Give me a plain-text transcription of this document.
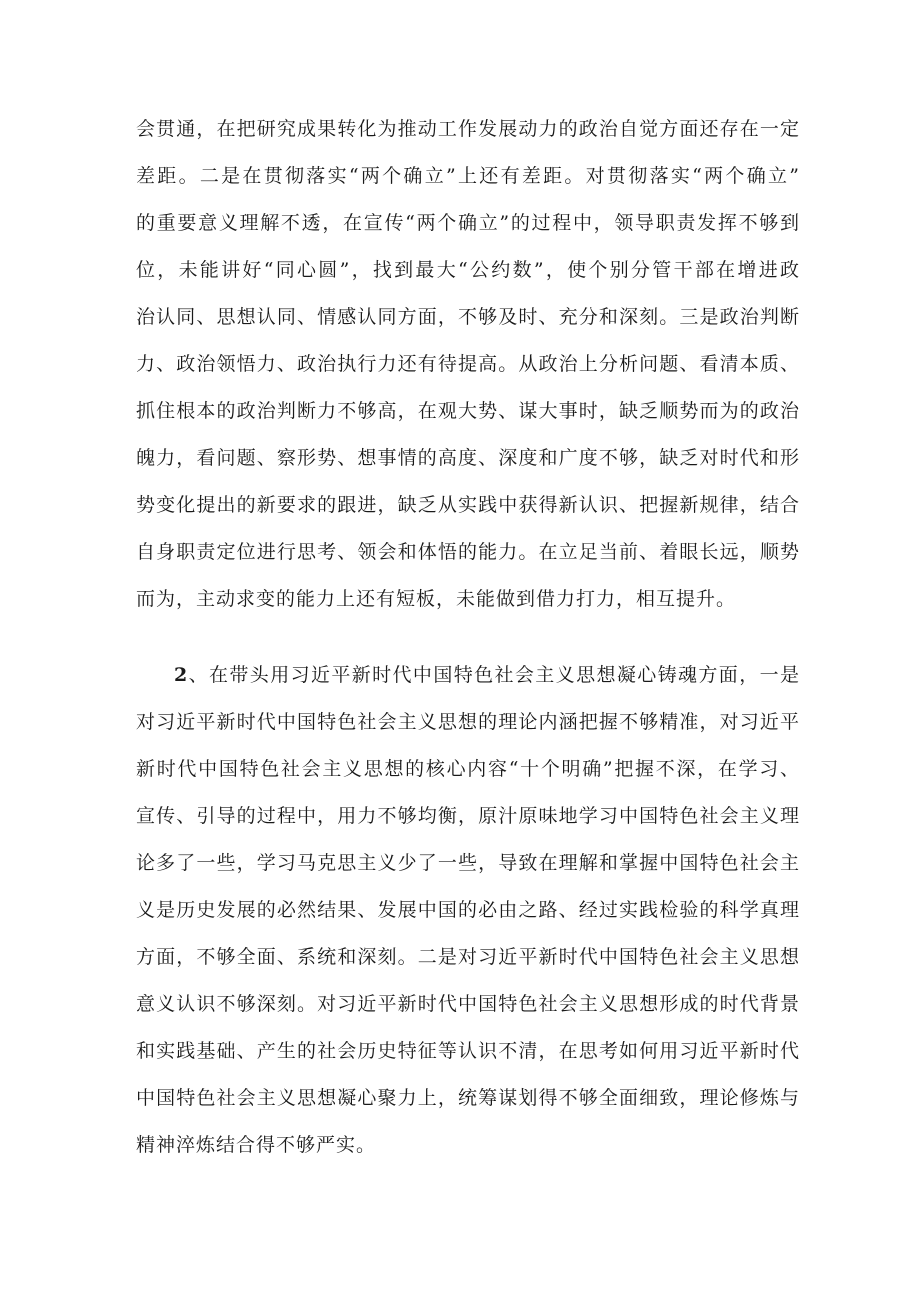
会贯通，在把研究成果转化为推动工作发展动力的政治自觉方面还存在一定
差距。二是在贯彻落实“两个确立”上还有差距。对贯彻落实“两个确立”
的重要意义理解不透，在宣传“两个确立”的过程中，领导职责发挥不够到
位，未能讲好“同心圆”，找到最大“公约数”，使个别分管干部在增进政
治认同、思想认同、情感认同方面，不够及时、充分和深刻。三是政治判断
力、政治领悟力、政治执行力还有待提高。从政治上分析问题、看清本质、
抓住根本的政治判断力不够高，在观大势、谋大事时，缺乏顺势而为的政治
魄力，看问题、察形势、想事情的高度、深度和广度不够，缺乏对时代和形
势变化提出的新要求的跟进，缺乏从实践中获得新认识、把握新规律，结合
自身职责定位进行思考、领会和体悟的能力。在立足当前、着眼长远，顺势
而为，主动求变的能力上还有短板，未能做到借力打力，相互提升。
2、在带头用习近平新时代中国特色社会主义思想凝心铸魂方面，一是
对习近平新时代中国特色社会主义思想的理论内涵把握不够精准，对习近平
新时代中国特色社会主义思想的核心内容“十个明确”把握不深，在学习、
宣传、引导的过程中，用力不够均衡，原汁原味地学习中国特色社会主义理
论多了一些，学习马克思主义少了一些，导致在理解和掌握中国特色社会主
义是历史发展的必然结果、发展中国的必由之路、经过实践检验的科学真理
方面，不够全面、系统和深刻。二是对习近平新时代中国特色社会主义思想
意义认识不够深刻。对习近平新时代中国特色社会主义思想形成的时代背景
和实践基础、产生的社会历史特征等认识不清，在思考如何用习近平新时代
中国特色社会主义思想凝心聚力上，统筹谋划得不够全面细致，理论修炼与
精神淬炼结合得不够严实。
